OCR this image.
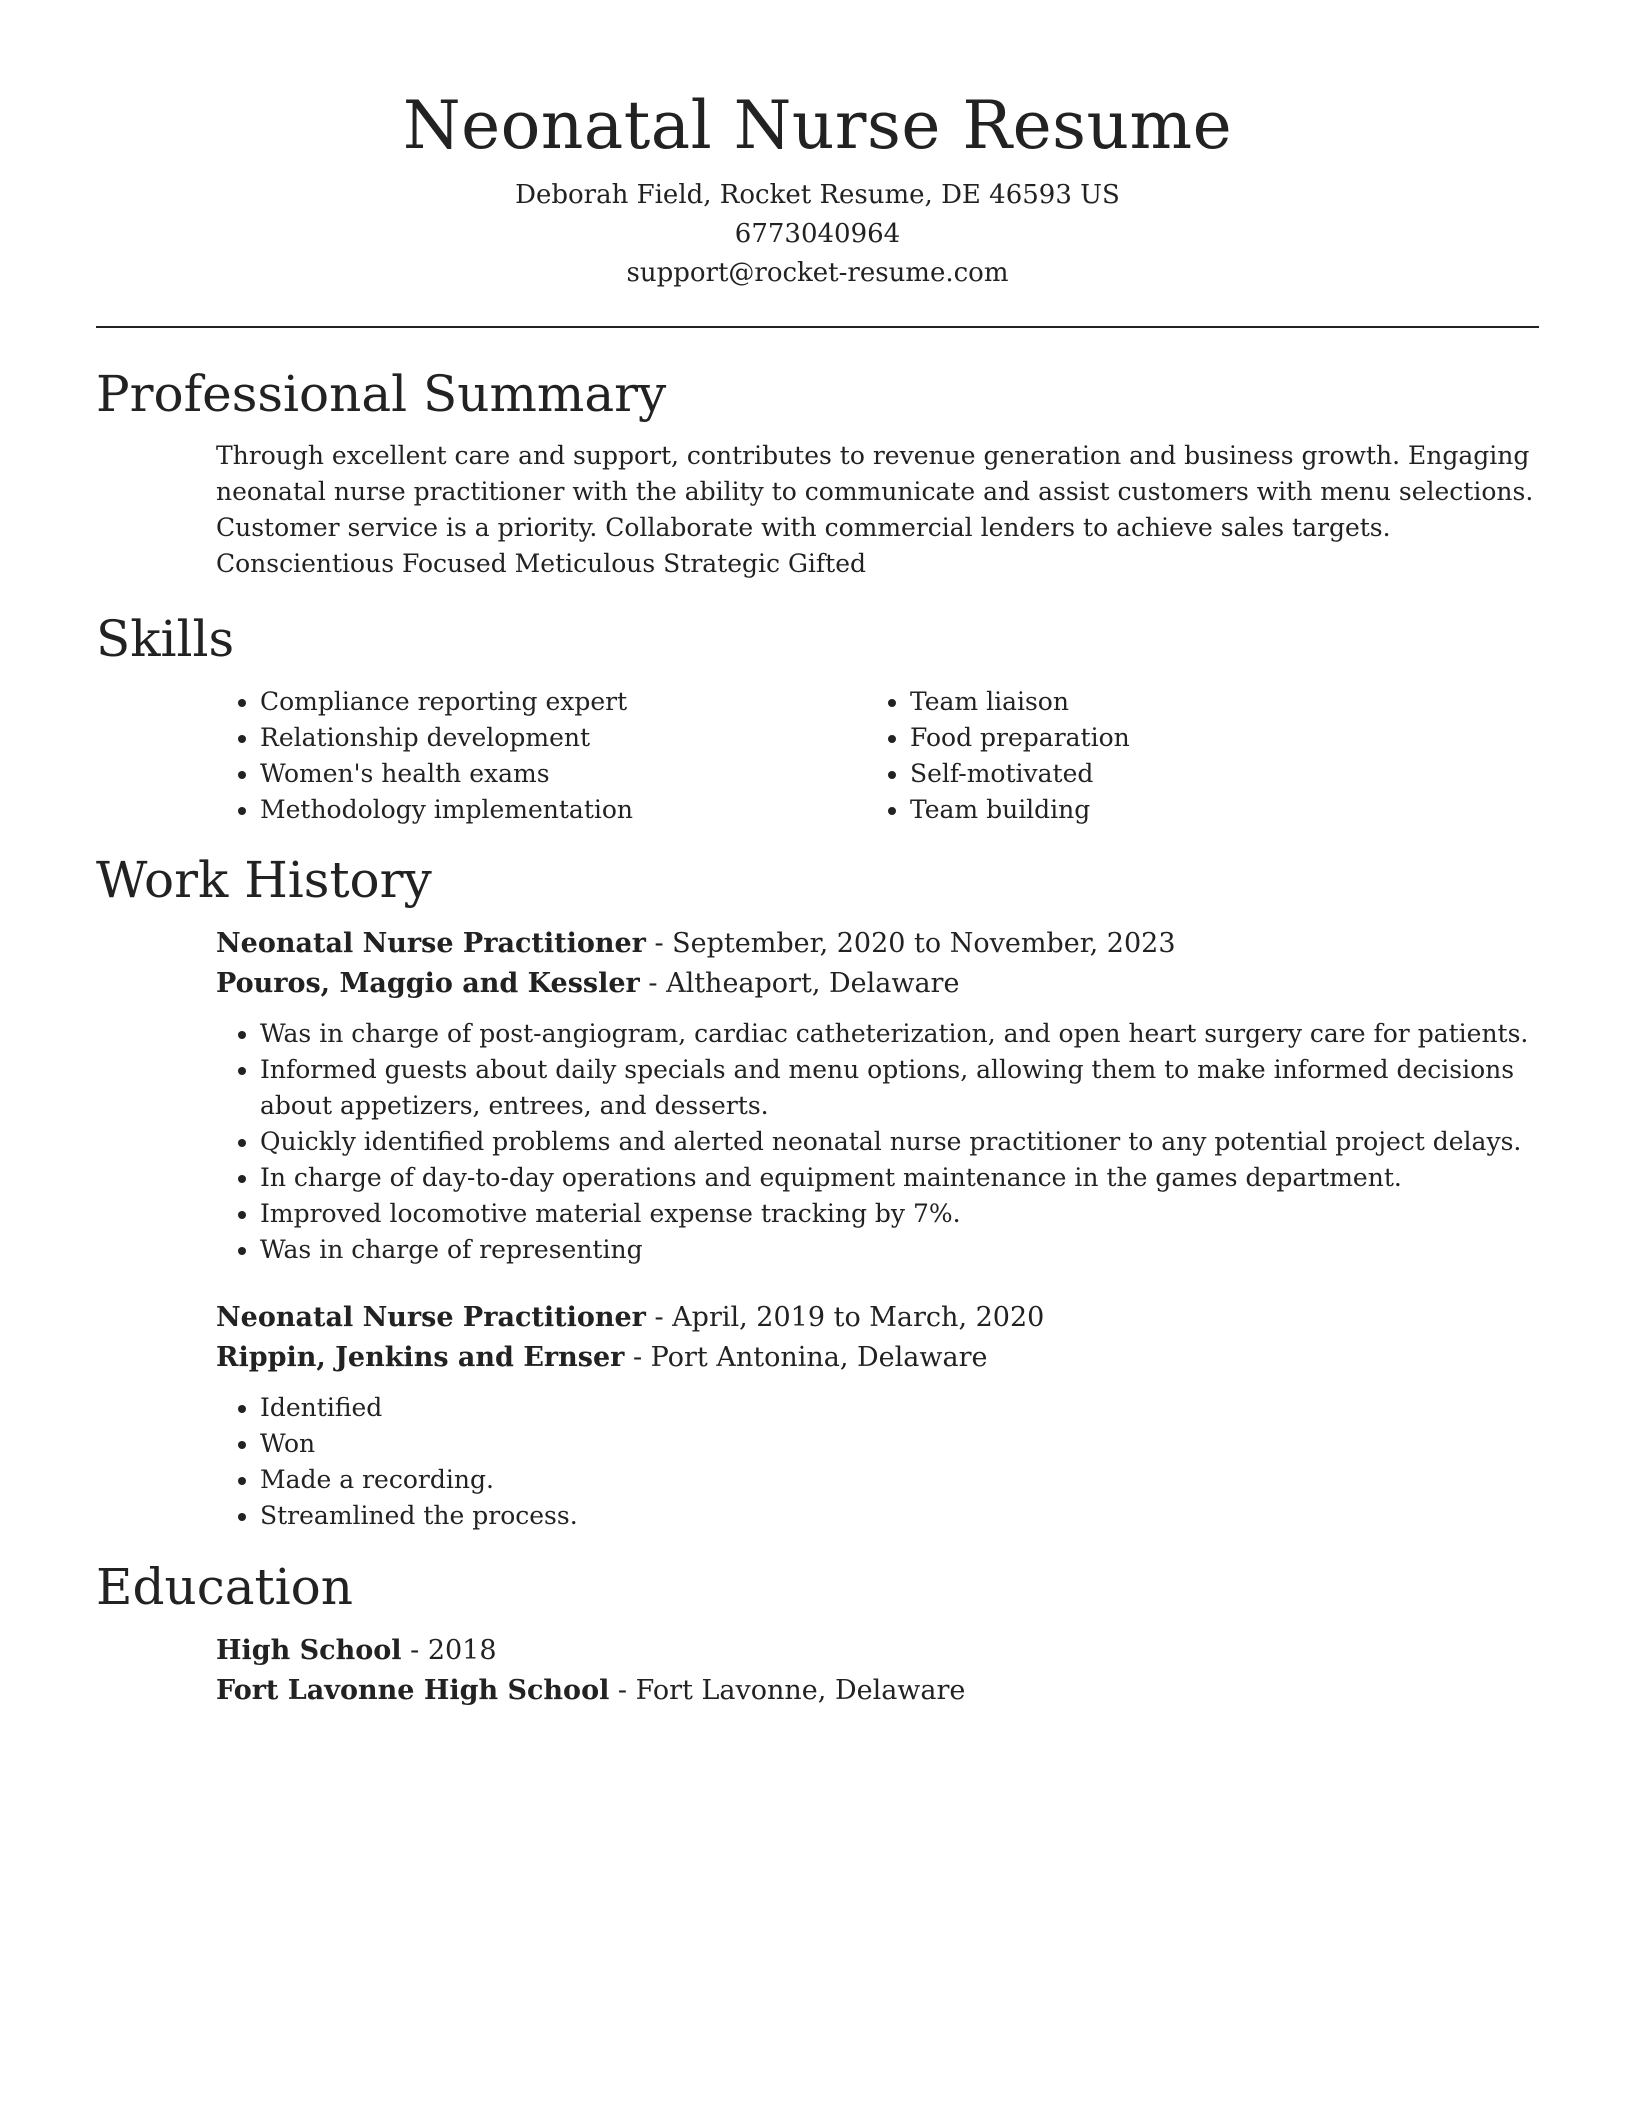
Neonatal Nurse Resume
Deborah Field, Rocket Resume, DE 46593 US
6773040964
support@rocket-resume.com
Professional Summary
Through excellent care and support, contributes to revenue generation and business growth. Engaging neonatal nurse practitioner with the ability to communicate and assist customers with menu selections. Customer service is a priority. Collaborate with commercial lenders to achieve sales targets. Conscientious Focused Meticulous Strategic Gifted
Skills
• Compliance reporting expert
• Relationship development
• Women's health exams
• Methodology implementation
• Team liaison
• Food preparation
• Self-motivated
• Team building
Work History
Neonatal Nurse Practitioner - September, 2020 to November, 2023
Pouros, Maggio and Kessler - Altheaport, Delaware
• Was in charge of post-angiogram, cardiac catheterization, and open heart surgery care for patients.
• Informed guests about daily specials and menu options, allowing them to make informed decisions about appetizers, entrees, and desserts.
• Quickly identified problems and alerted neonatal nurse practitioner to any potential project delays.
• In charge of day-to-day operations and equipment maintenance in the games department.
• Improved locomotive material expense tracking by 7%.
• Was in charge of representing
Neonatal Nurse Practitioner - April, 2019 to March, 2020
Rippin, Jenkins and Ernser - Port Antonina, Delaware
• Identified
• Won
• Made a recording.
• Streamlined the process.
Education
High School - 2018
Fort Lavonne High School - Fort Lavonne, Delaware
